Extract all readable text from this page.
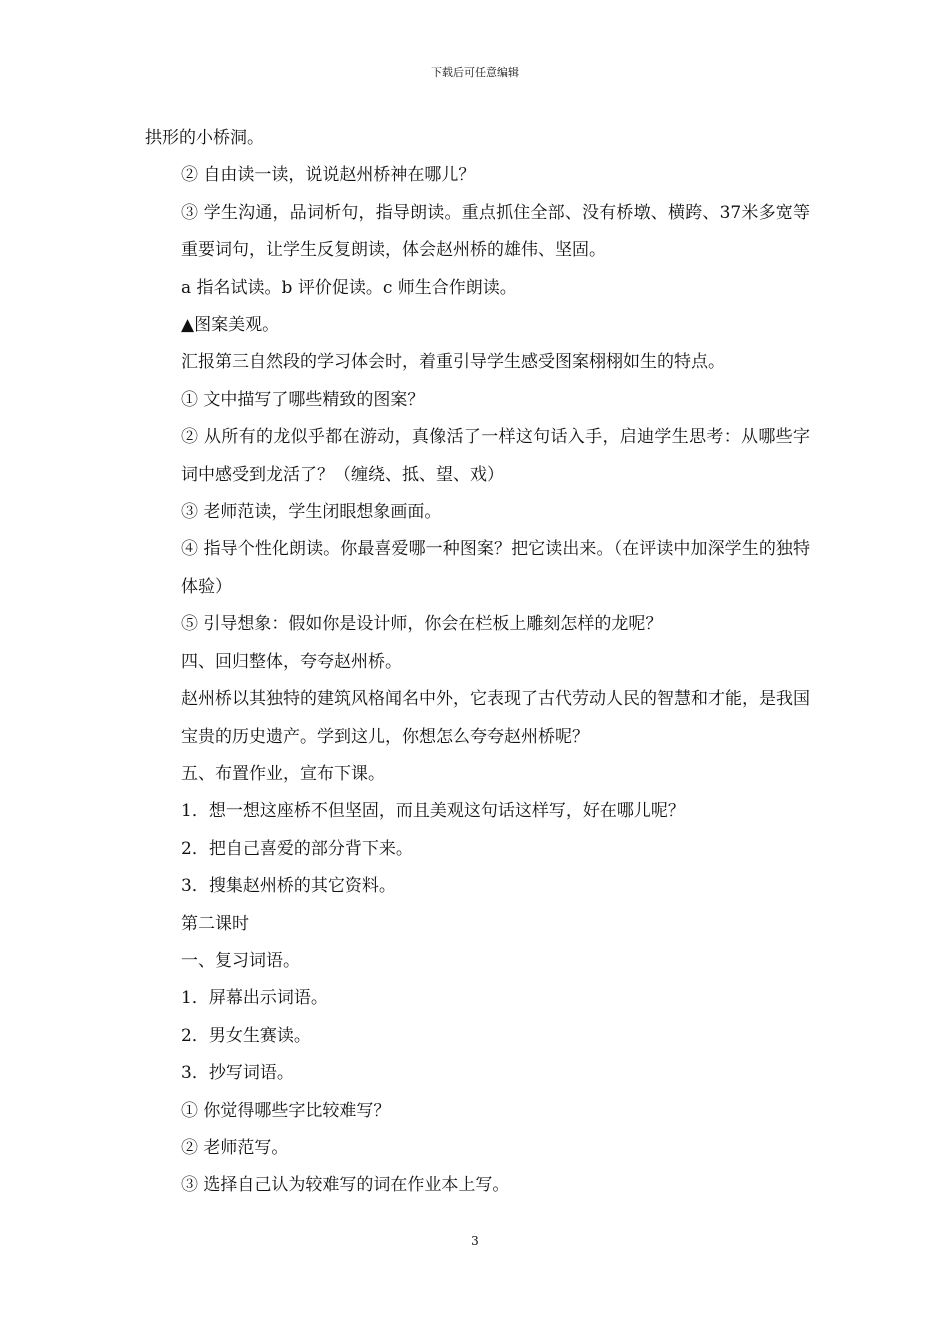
下载后可任意编辑

拱形的小桥洞。

② 自由读一读，说说赵州桥神在哪儿？

③ 学生沟通，品词析句，指导朗读。重点抓住全部、没有桥墩、横跨、37米多宽等重要词句，让学生反复朗读，体会赵州桥的雄伟、坚固。

a 指名试读。b 评价促读。c 师生合作朗读。

▲图案美观。

汇报第三自然段的学习体会时，着重引导学生感受图案栩栩如生的特点。

① 文中描写了哪些精致的图案？

② 从所有的龙似乎都在游动，真像活了一样这句话入手，启迪学生思考：从哪些字词中感受到龙活了？（缠绕、抵、望、戏）

③ 老师范读，学生闭眼想象画面。

④ 指导个性化朗读。你最喜爱哪一种图案？把它读出来。（在评读中加深学生的独特体验）

⑤ 引导想象：假如你是设计师，你会在栏板上雕刻怎样的龙呢？

四、回归整体，夸夸赵州桥。

赵州桥以其独特的建筑风格闻名中外，它表现了古代劳动人民的智慧和才能，是我国宝贵的历史遗产。学到这儿，你想怎么夸夸赵州桥呢？

五、布置作业，宣布下课。

1．想一想这座桥不但坚固，而且美观这句话这样写，好在哪儿呢？

2．把自己喜爱的部分背下来。

3．搜集赵州桥的其它资料。

第二课时

一、复习词语。

1．屏幕出示词语。

2．男女生赛读。

3．抄写词语。

① 你觉得哪些字比较难写？

② 老师范写。

③ 选择自己认为较难写的词在作业本上写。

3
